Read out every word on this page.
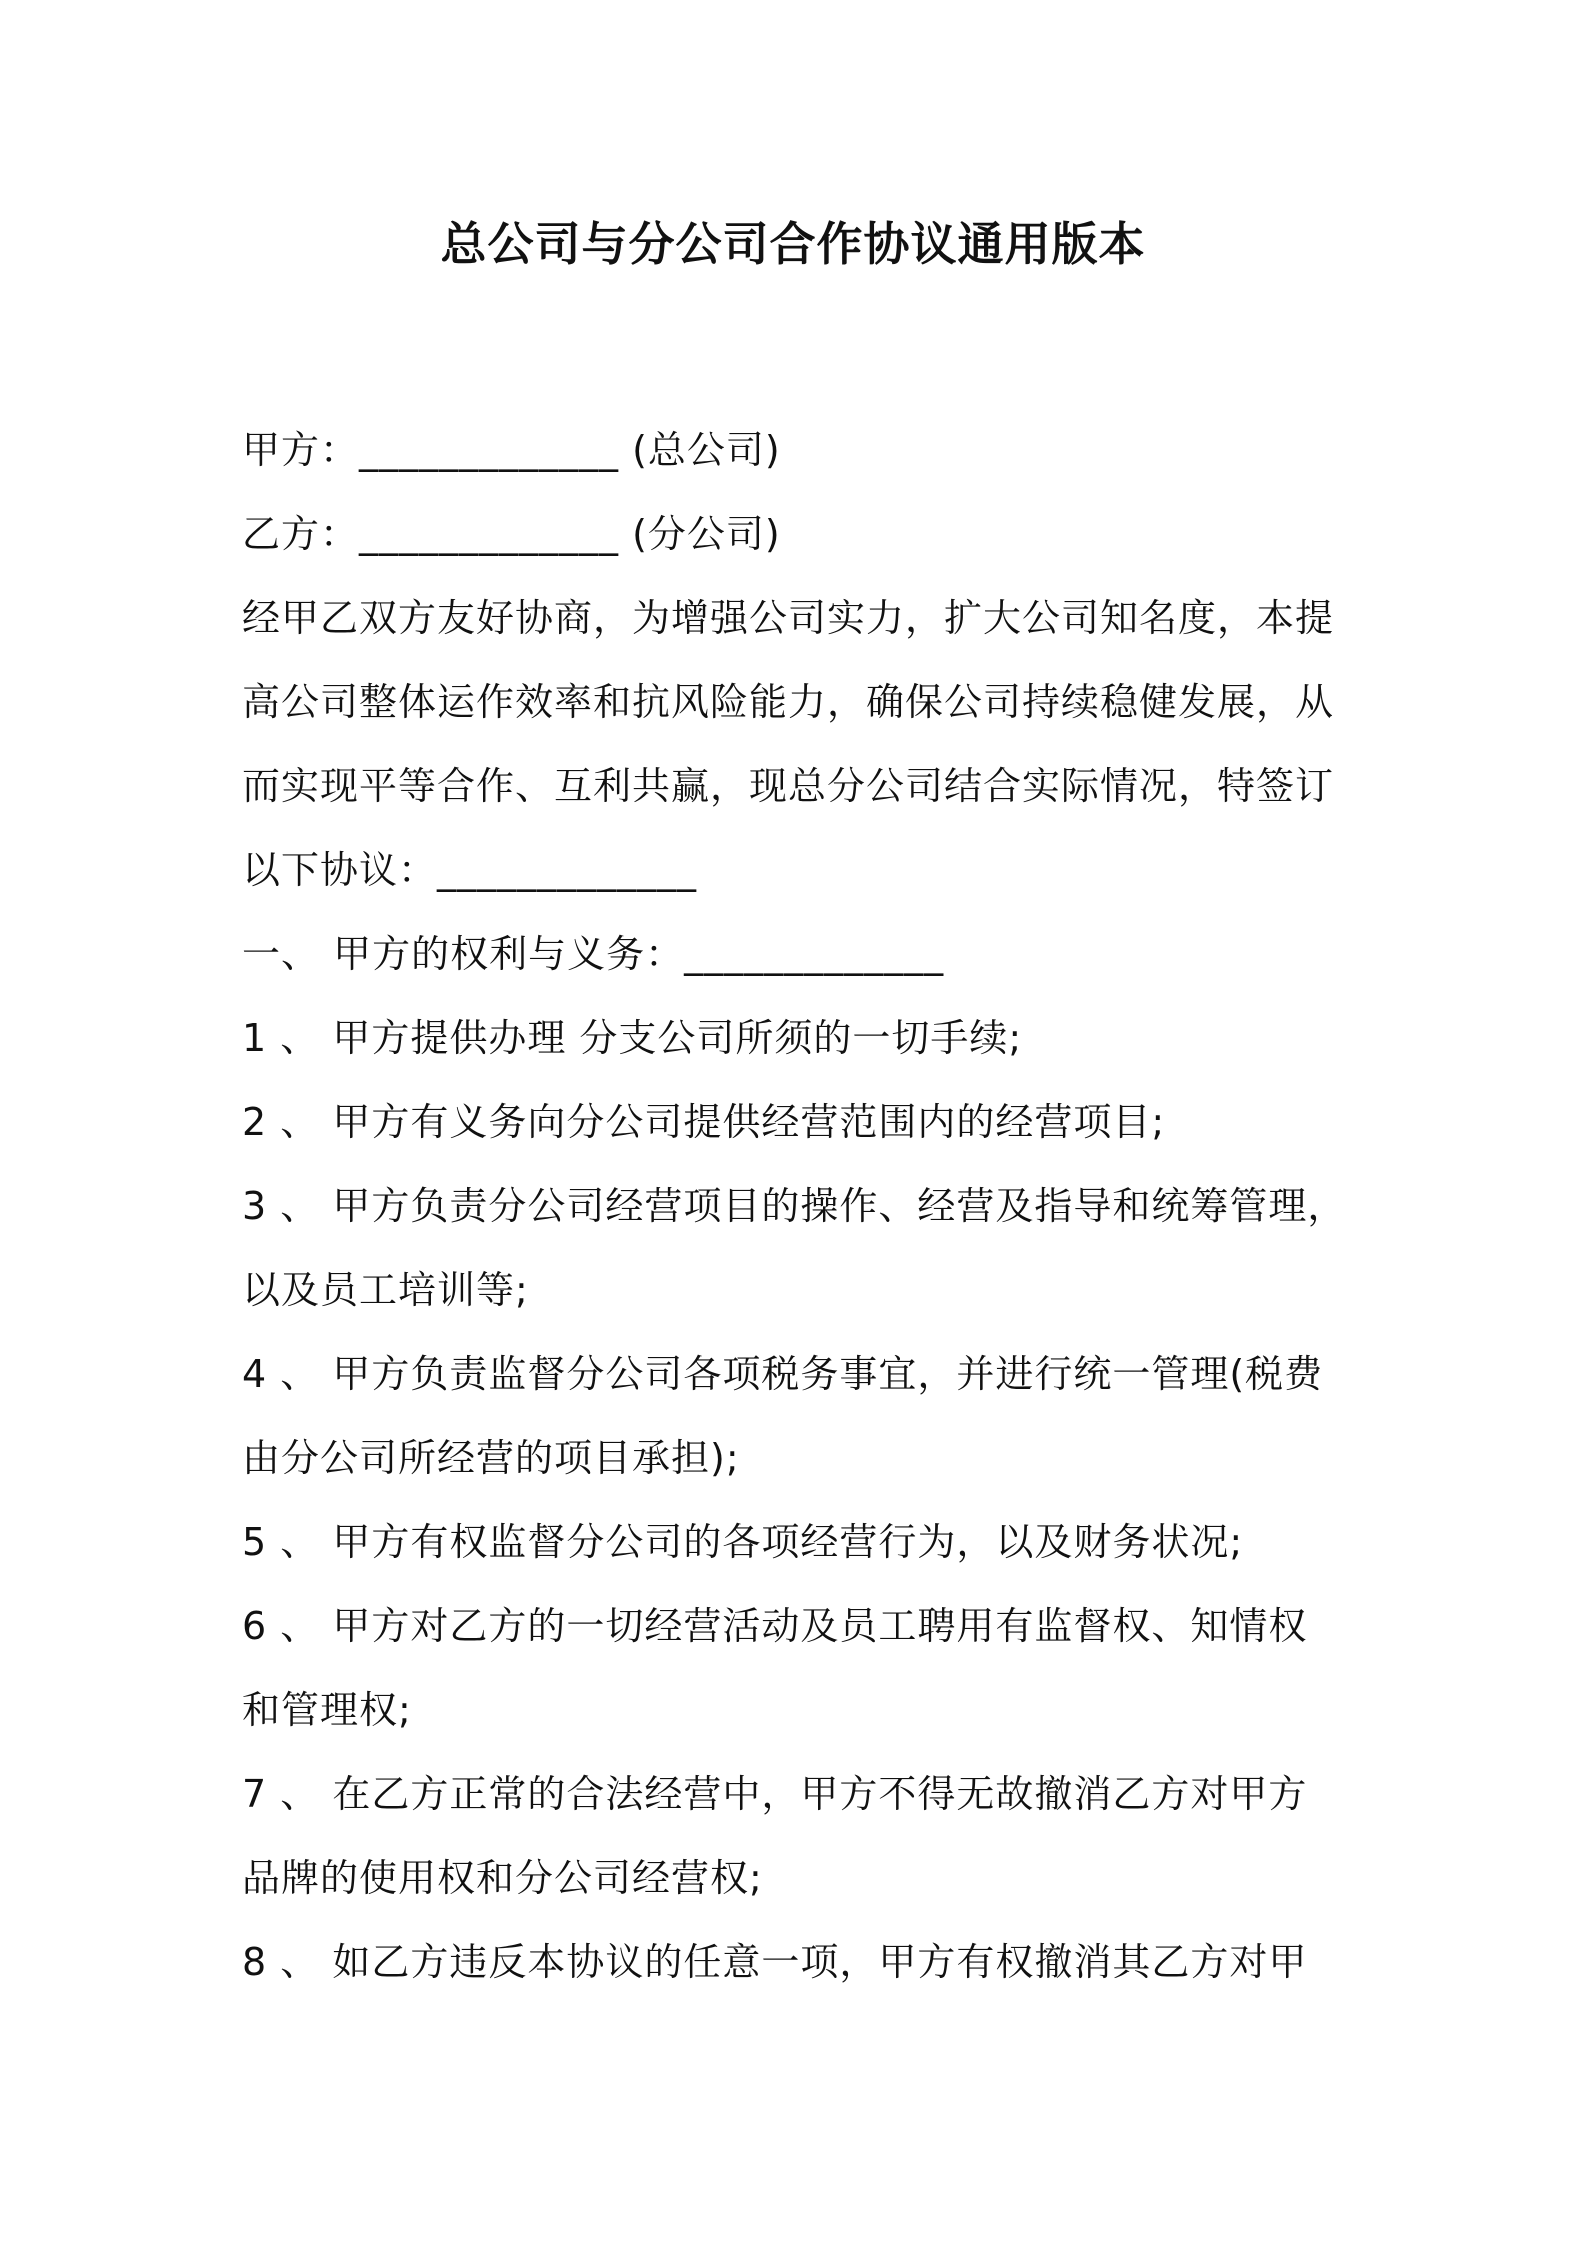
总公司与分公司合作协议通用版本
甲方：_____________ (总公司)
乙方：_____________ (分公司)
经甲乙双方友好协商，为增强公司实力，扩大公司知名度，本提
高公司整体运作效率和抗风险能力，确保公司持续稳健发展，从
而实现平等合作、互利共赢，现总分公司结合实际情况，特签订
以下协议：_____________
一、 甲方的权利与义务：_____________
1 、 甲方提供办理 分支公司所须的一切手续;
2 、 甲方有义务向分公司提供经营范围内的经营项目;
3 、 甲方负责分公司经营项目的操作、经营及指导和统筹管理，
以及员工培训等;
4 、 甲方负责监督分公司各项税务事宜，并进行统一管理(税费
由分公司所经营的项目承担);
5 、 甲方有权监督分公司的各项经营行为，以及财务状况;
6 、 甲方对乙方的一切经营活动及员工聘用有监督权、知情权
和管理权;
7 、 在乙方正常的合法经营中，甲方不得无故撤消乙方对甲方
品牌的使用权和分公司经营权;
8 、 如乙方违反本协议的任意一项，甲方有权撤消其乙方对甲
